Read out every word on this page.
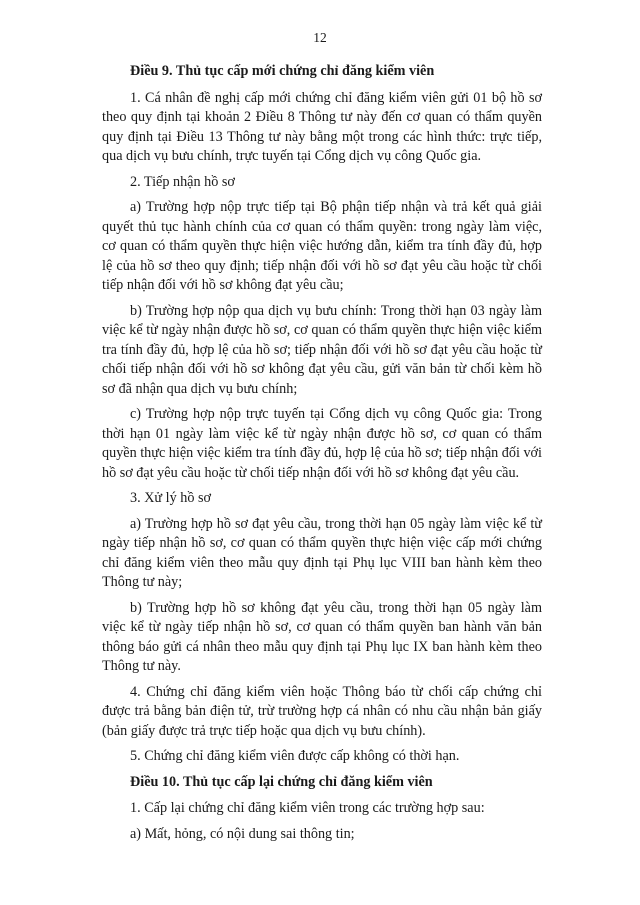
12

Điều 9. Thủ tục cấp mới chứng chỉ đăng kiểm viên

1. Cá nhân đề nghị cấp mới chứng chỉ đăng kiểm viên gửi 01 bộ hồ sơ theo quy định tại khoản 2 Điều 8 Thông tư này đến cơ quan có thẩm quyền quy định tại Điều 13 Thông tư này bằng một trong các hình thức: trực tiếp, qua dịch vụ bưu chính, trực tuyến tại Cổng dịch vụ công Quốc gia.

2. Tiếp nhận hồ sơ

a) Trường hợp nộp trực tiếp tại Bộ phận tiếp nhận và trả kết quả giải quyết thủ tục hành chính của cơ quan có thẩm quyền: trong ngày làm việc, cơ quan có thẩm quyền thực hiện việc hướng dẫn, kiểm tra tính đầy đủ, hợp lệ của hồ sơ theo quy định; tiếp nhận đối với hồ sơ đạt yêu cầu hoặc từ chối tiếp nhận đối với hồ sơ không đạt yêu cầu;

b) Trường hợp nộp qua dịch vụ bưu chính: Trong thời hạn 03 ngày làm việc kể từ ngày nhận được hồ sơ, cơ quan có thẩm quyền thực hiện việc kiểm tra tính đầy đủ, hợp lệ của hồ sơ; tiếp nhận đối với hồ sơ đạt yêu cầu hoặc từ chối tiếp nhận đối với hồ sơ không đạt yêu cầu, gửi văn bản từ chối kèm hồ sơ đã nhận qua dịch vụ bưu chính;

c) Trường hợp nộp trực tuyến tại Cổng dịch vụ công Quốc gia: Trong thời hạn 01 ngày làm việc kể từ ngày nhận được hồ sơ, cơ quan có thẩm quyền thực hiện việc kiểm tra tính đầy đủ, hợp lệ của hồ sơ; tiếp nhận đối với hồ sơ đạt yêu cầu hoặc từ chối tiếp nhận đối với hồ sơ không đạt yêu cầu.

3. Xử lý hồ sơ

a) Trường hợp hồ sơ đạt yêu cầu, trong thời hạn 05 ngày làm việc kể từ ngày tiếp nhận hồ sơ, cơ quan có thẩm quyền thực hiện việc cấp mới chứng chỉ đăng kiểm viên theo mẫu quy định tại Phụ lục VIII ban hành kèm theo Thông tư này;

b) Trường hợp hồ sơ không đạt yêu cầu, trong thời hạn 05 ngày làm việc kể từ ngày tiếp nhận hồ sơ, cơ quan có thẩm quyền ban hành văn bản thông báo gửi cá nhân theo mẫu quy định tại Phụ lục IX ban hành kèm theo Thông tư này.

4. Chứng chỉ đăng kiểm viên hoặc Thông báo từ chối cấp chứng chỉ được trả bằng bản điện tử, trừ trường hợp cá nhân có nhu cầu nhận bản giấy (bản giấy được trả trực tiếp hoặc qua dịch vụ bưu chính).

5. Chứng chỉ đăng kiểm viên được cấp không có thời hạn.

Điều 10. Thủ tục cấp lại chứng chỉ đăng kiểm viên

1. Cấp lại chứng chỉ đăng kiểm viên trong các trường hợp sau:

a) Mất, hỏng, có nội dung sai thông tin;
